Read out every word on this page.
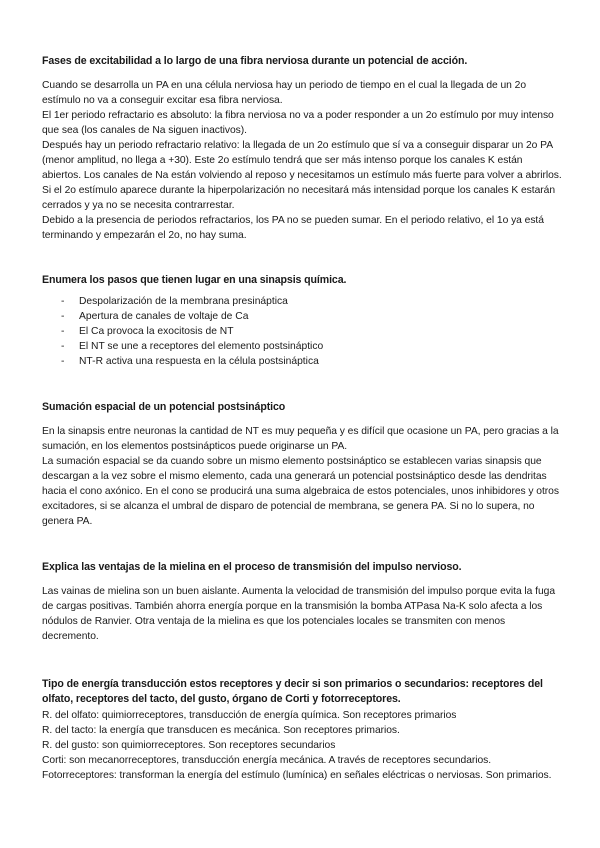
Fases de excitabilidad a lo largo de una fibra nerviosa durante un potencial de acción.

Cuando se desarrolla un PA en una célula nerviosa hay un periodo de tiempo en el cual la llegada de un 2o estímulo no va a conseguir excitar esa fibra nerviosa.

El 1er periodo refractario es absoluto: la fibra nerviosa no va a poder responder a un 2o estímulo por muy intenso que sea (los canales de Na siguen inactivos).

Después hay un periodo refractario relativo: la llegada de un 2o estímulo que sí va a conseguir disparar un 2o PA (menor amplitud, no llega a +30). Este 2o estímulo tendrá que ser más intenso porque los canales K están abiertos. Los canales de Na están volviendo al reposo y necesitamos un estímulo más fuerte para volver a abrirlos.

Si el 2o estímulo aparece durante la hiperpolarización no necesitará más intensidad porque los canales K estarán cerrados y ya no se necesita contrarrestar.

Debido a la presencia de periodos refractarios, los PA no se pueden sumar. En el periodo relativo, el 1o ya está terminando y empezarán el 2o, no hay suma.

Enumera los pasos que tienen lugar en una sinapsis química.
- Despolarización de la membrana presináptica
- Apertura de canales de voltaje de Ca
- El Ca provoca la exocitosis de NT
- El NT se une a receptores del elemento postsináptico
- NT-R activa una respuesta en la célula postsináptica
Sumación espacial de un potencial postsináptico

En la sinapsis entre neuronas la cantidad de NT es muy pequeña y es difícil que ocasione un PA, pero gracias a la sumación, en los elementos postsinápticos puede originarse un PA.

La sumación espacial se da cuando sobre un mismo elemento postsináptico se establecen varias sinapsis que descargan a la vez sobre el mismo elemento, cada una generará un potencial postsináptico desde las dendritas hacia el cono axónico. En el cono se producirá una suma algebraica de estos potenciales, unos inhibidores y otros excitadores, si se alcanza el umbral de disparo de potencial de membrana, se genera PA. Si no lo supera, no genera PA.

Explica las ventajas de la mielina en el proceso de transmisión del impulso nervioso.

Las vainas de mielina son un buen aislante. Aumenta la velocidad de transmisión del impulso porque evita la fuga de cargas positivas. También ahorra energía porque en la transmisión la bomba ATPasa Na-K solo afecta a los nódulos de Ranvier. Otra ventaja de la mielina es que los potenciales locales se transmiten con menos decremento.

Tipo de energía transducción estos receptores y decir si son primarios o secundarios: receptores del olfato, receptores del tacto, del gusto, órgano de Corti y fotorreceptores.

R. del olfato: quimiorreceptores, transducción de energía química. Son receptores primarios

R. del tacto: la energía que transducen es mecánica. Son receptores primarios.

R. del gusto: son quimiorreceptores. Son receptores secundarios

Corti: son mecanorreceptores, transducción energía mecánica. A través de receptores secundarios.

Fotorreceptores: transforman la energía del estímulo (lumínica) en señales eléctricas o nerviosas. Son primarios.
